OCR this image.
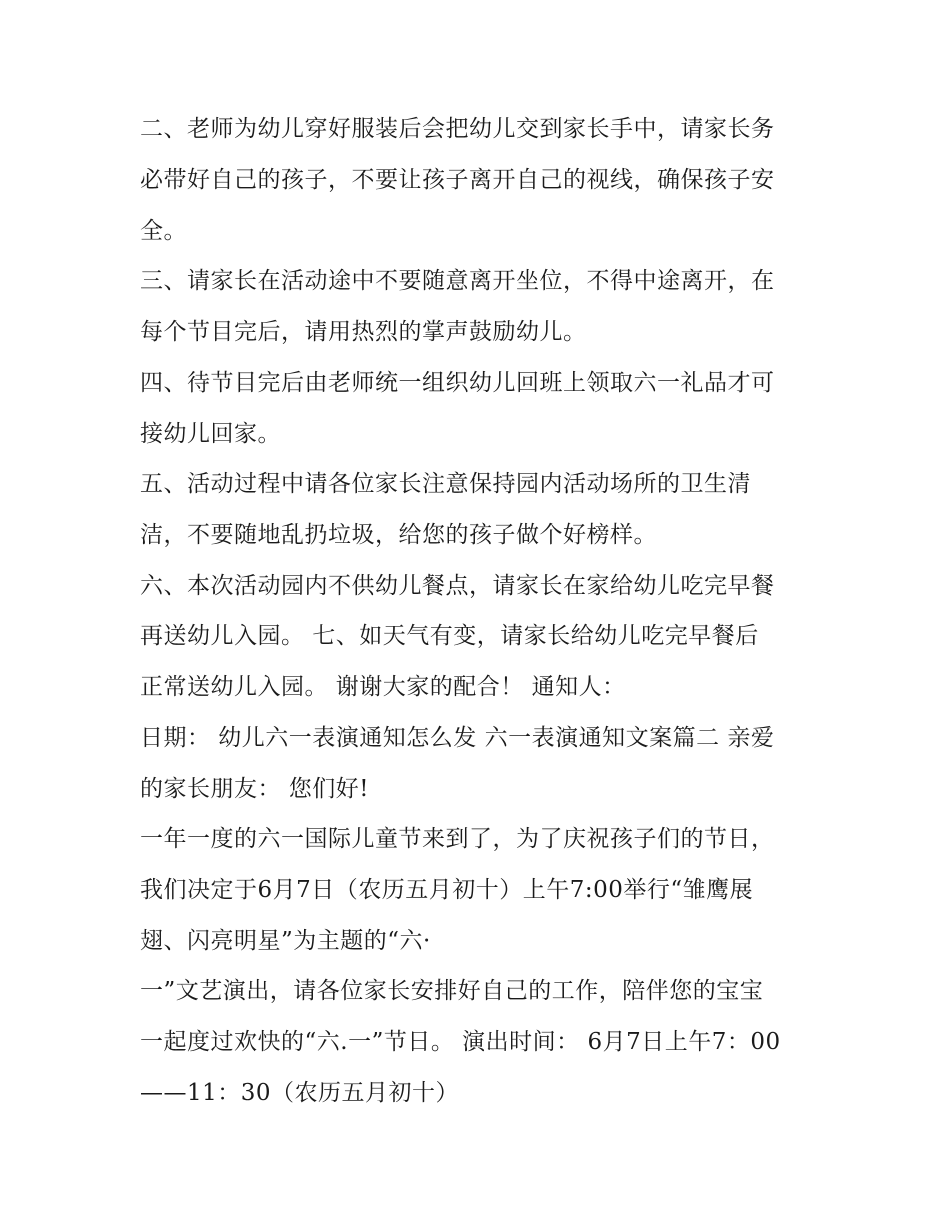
二、老师为幼儿穿好服装后会把幼儿交到家长手中，请家长务
必带好自己的孩子，不要让孩子离开自己的视线，确保孩子安
全。
三、请家长在活动途中不要随意离开坐位，不得中途离开，在
每个节目完后，请用热烈的掌声鼓励幼儿。
四、待节目完后由老师统一组织幼儿回班上领取六一礼品才可
接幼儿回家。
五、活动过程中请各位家长注意保持园内活动场所的卫生清
洁，不要随地乱扔垃圾，给您的孩子做个好榜样。
六、本次活动园内不供幼儿餐点，请家长在家给幼儿吃完早餐
再送幼儿入园。 七、如天气有变，请家长给幼儿吃完早餐后
正常送幼儿入园。 谢谢大家的配合！ 通知人：
日期： 幼儿六一表演通知怎么发 六一表演通知文案篇二 亲爱
的家长朋友： 您们好!
一年一度的六一国际儿童节来到了，为了庆祝孩子们的节日，
我们决定于6月7日（农历五月初十）上午7:00举行“雏鹰展
翅、闪亮明星”为主题的“六·
一”文艺演出，请各位家长安排好自己的工作，陪伴您的宝宝
一起度过欢快的“六.一”节日。 演出时间： 6月7日上午7：00
——11：30（农历五月初十）
